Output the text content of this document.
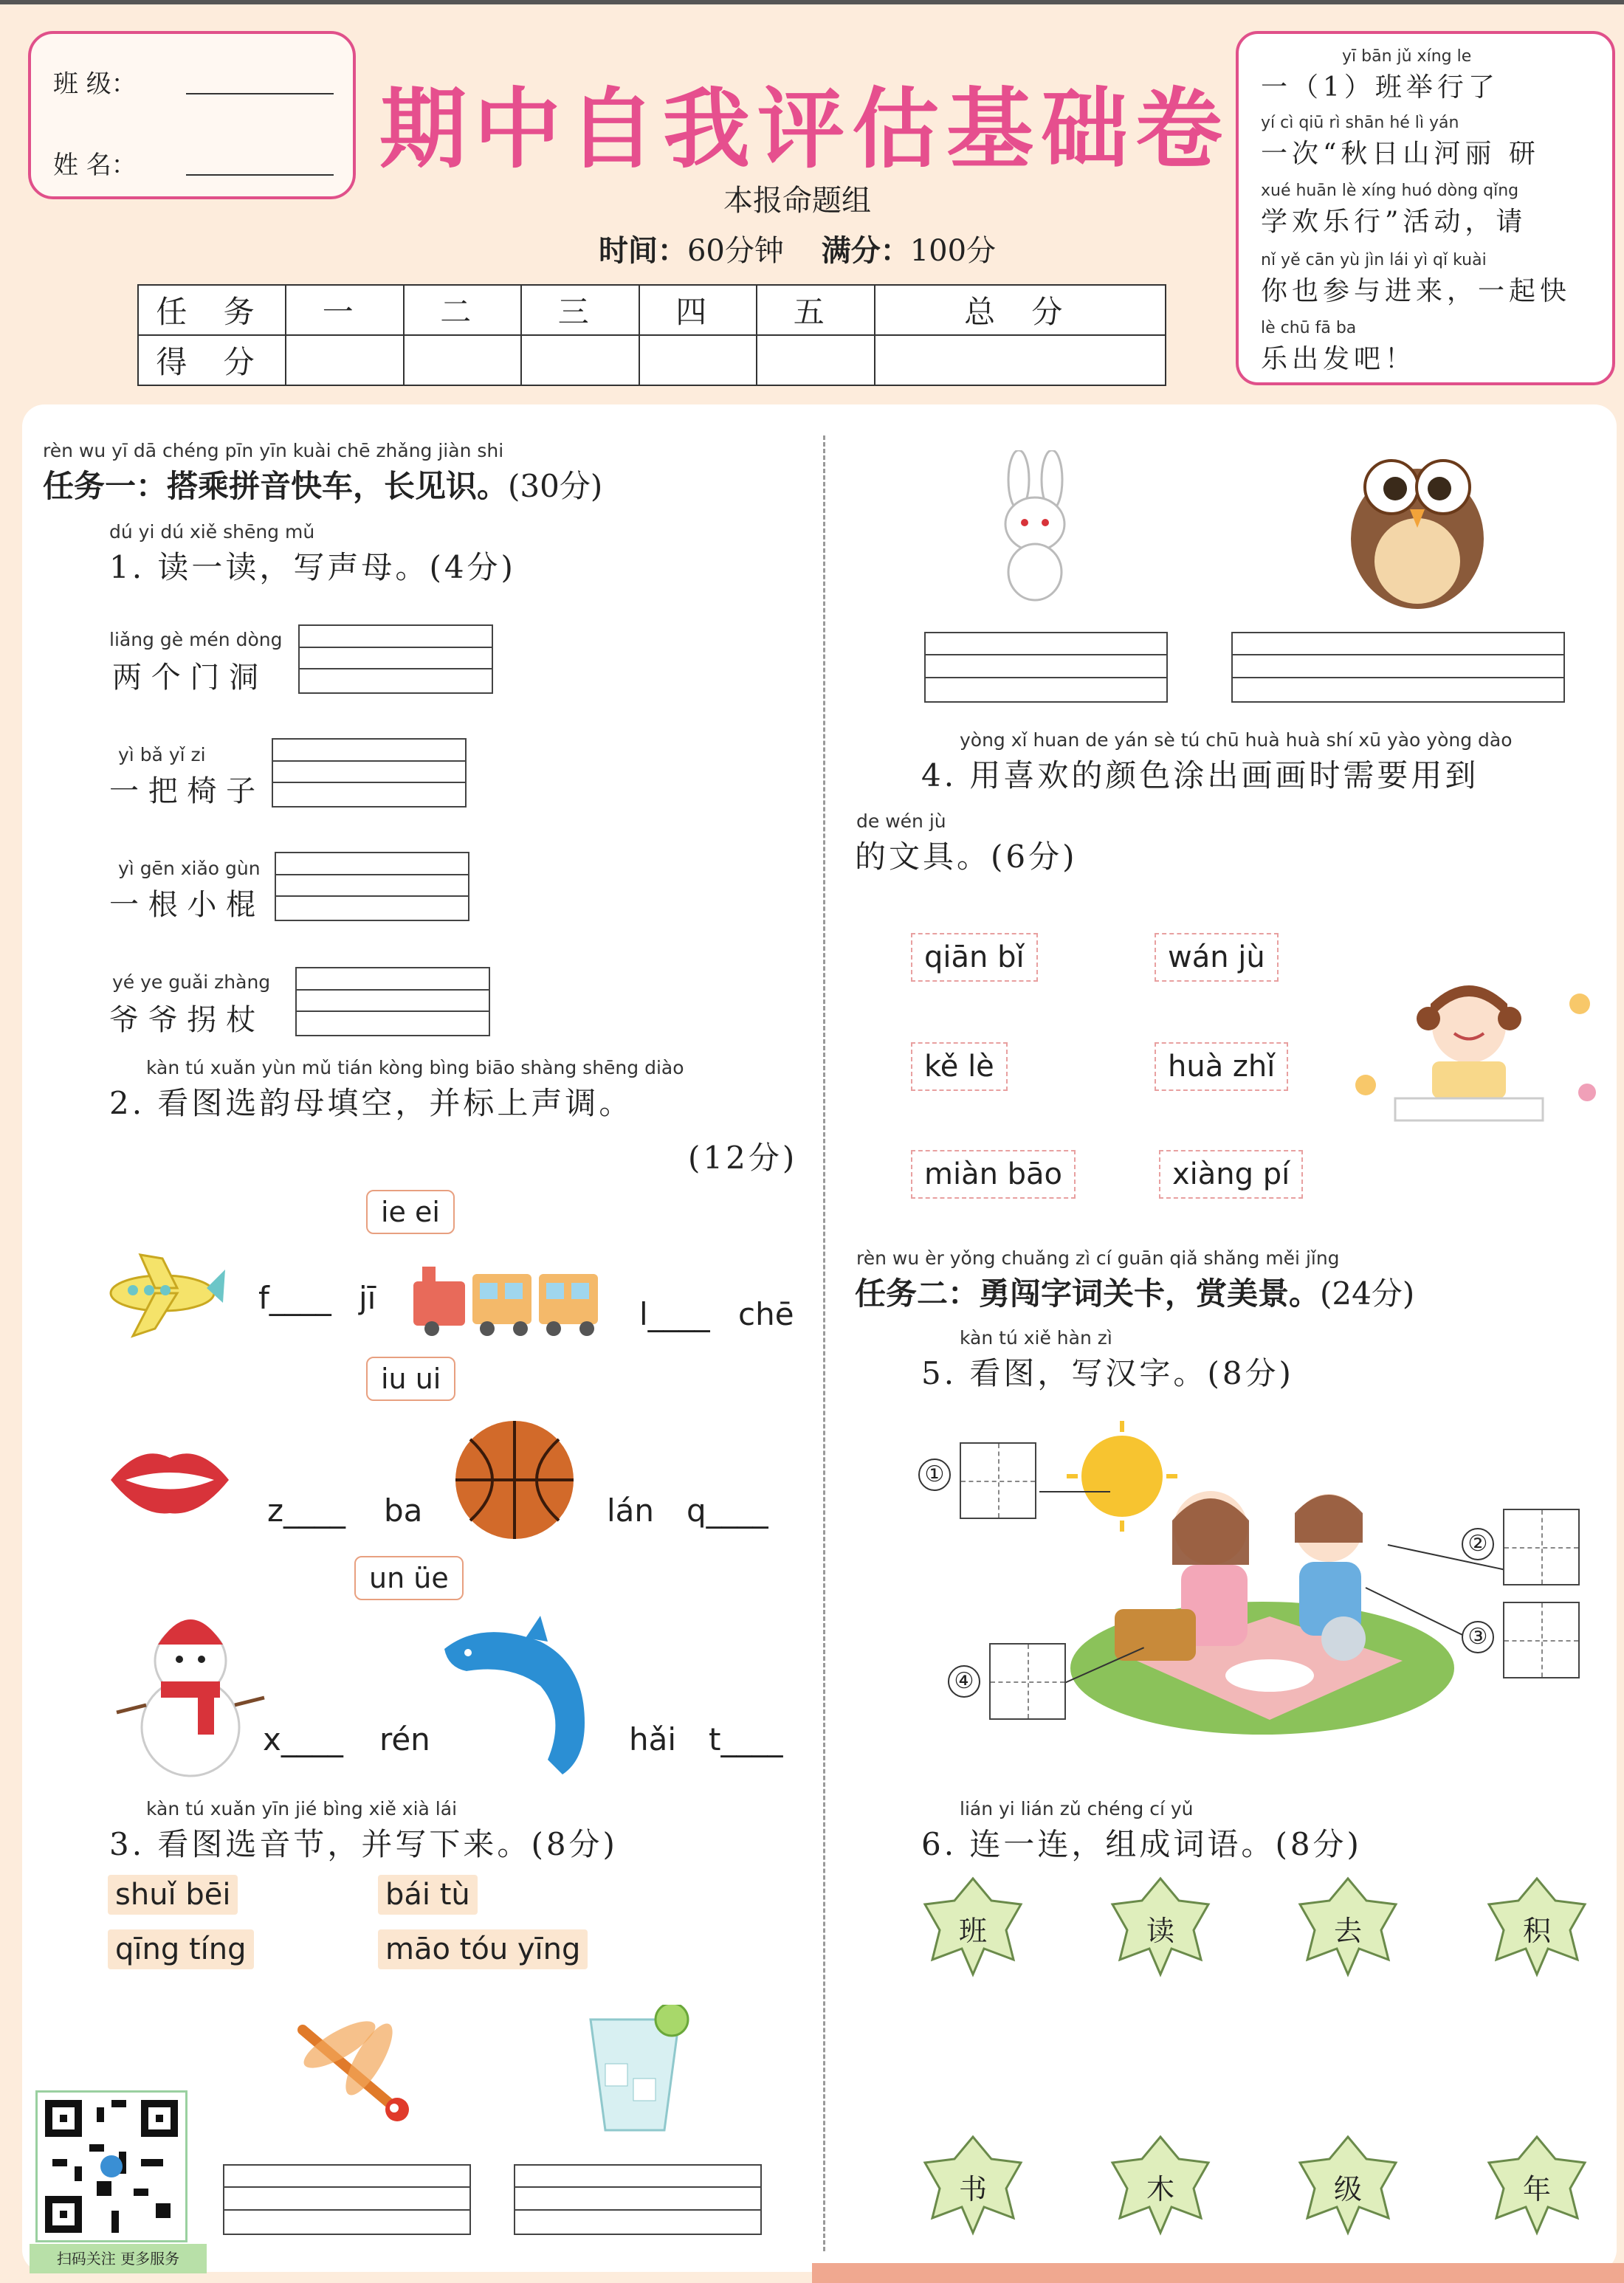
班 级：
姓 名：	期中自我评估基础卷
本报命题组
时间：60分钟 满分：100分
任 务	一	二	三	四	五	总 分
得 分						
yī bān jǔ xíng le
一（1）班举行了
yí cì qiū rì shān hé lì yán
一次“秋日山河丽 研
xué huān lè xíng huó dòng qǐng
学欢乐行”活动，请
nǐ yě cān yù jìn lái yì qǐ kuài
你也参与进来，一起快
lè chū fā ba
乐出发吧！
rèn wu yī dā chéng pīn yīn kuài chē zhǎng jiàn shi
任务一：搭乘拼音快车，长见识。(30分)
dú yi dú xiě shēng mǔ
1. 读一读，写声母。(4分)
liǎng gè mén dòng
两 个 门 洞
yì bǎ yǐ zi
一 把 椅 子
yì gēn xiǎo gùn
一 根 小 棍
yé ye guǎi zhàng
爷 爷 拐 杖
kàn tú xuǎn yùn mǔ tián kòng bìng biāo shàng shēng diào
2. 看图选韵母填空，并标上声调。
(12分)
ie ei
f____ jī	l____ chē
iu ui
z____ ba	lán q____
un üe
x____ rén	hǎi t____
kàn tú xuǎn yīn jié bìng xiě xià lái
3. 看图选音节，并写下来。(8分)
shuǐ bēi	bái tù
qīng tíng	māo tóu yīng
扫码关注 更多服务
yòng xǐ huan de yán sè tú chū huà huà shí xū yào yòng dào
4. 用喜欢的颜色涂出画画时需要用到
de wén jù
的文具。(6分)
qiān bǐ	wán jù
kě lè	huà zhǐ
miàn bāo	xiàng pí
rèn wu èr yǒng chuǎng zì cí guān qiǎ shǎng měi jǐng
任务二：勇闯字词关卡，赏美景。(24分)
kàn tú xiě hàn zì
5. 看图，写汉字。(8分)
①
②
③
④
lián yi lián zǔ chéng cí yǔ
6. 连一连，组成词语。(8分)
班	读	去	积
书	木	级	年
